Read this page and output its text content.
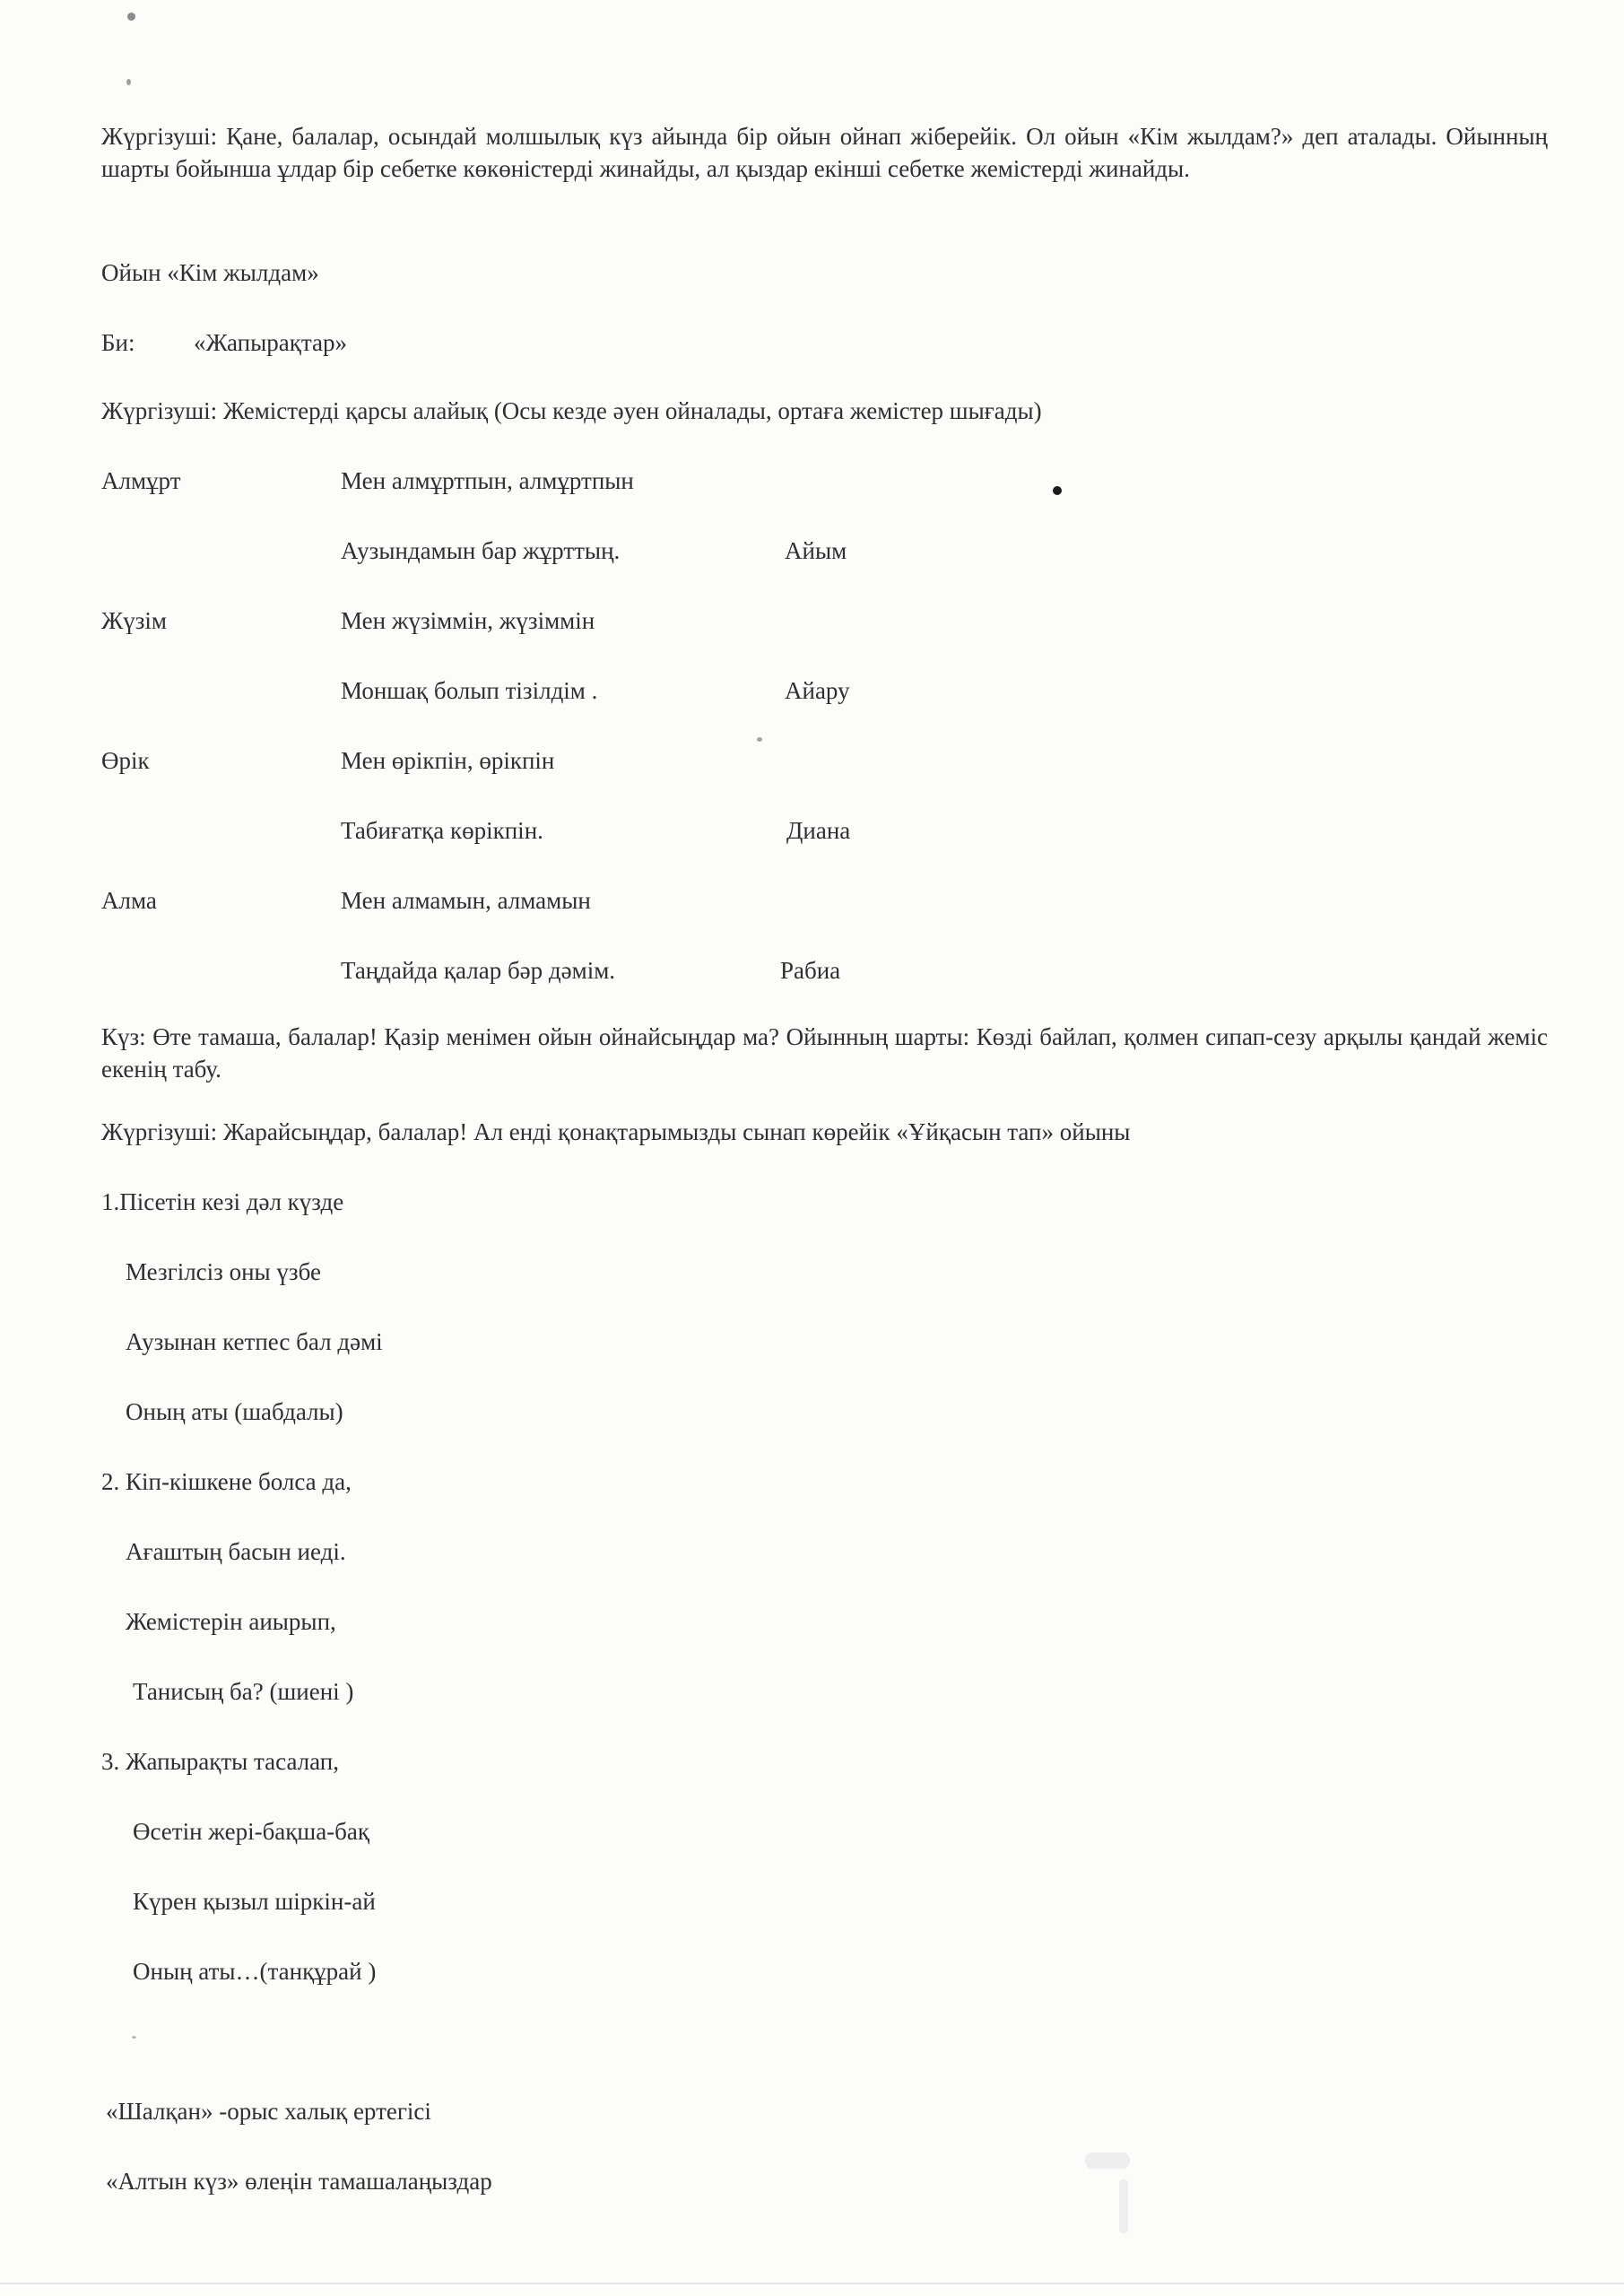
Жүргізуші: Қане, балалар, осындай молшылық күз айында бір ойын ойнап жіберейік. Ол ойын «Кім жылдам?» деп аталады. Ойынның шарты бойынша ұлдар бір себетке көкөністерді жинайды, ал қыздар екінші себетке жемістерді жинайды.

Ойын «Кім жылдам»

Би: «Жапырақтар»

Жүргізуші: Жемістерді қарсы алайық (Осы кезде әуен ойналады, ортаға жемістер шығады)

Алмұрт	Мен алмұртпын, алмұртпын

Аузындамын бар жұрттың.	Айым

Жүзім	Мен жүзіммін, жүзіммін

Моншақ болып тізілдім .	Айару

Өрік	Мен өрікпін, өрікпін

Табиғатқа көрікпін.	Диана

Алма	Мен алмамын, алмамын

Таңдайда қалар бәр дәмім.	Рабиа

Күз: Өте тамаша, балалар! Қазір менімен ойын ойнайсыңдар ма? Ойынның шарты: Көзді байлап, қолмен сипап-сезу арқылы қандай жеміс екенің табу.

Жүргізуші: Жарайсыңдар, балалар! Ал енді қонақтарымызды сынап көрейік «Ұйқасын тап» ойыны

1.Пісетін кезі дәл күзде

Мезгілсіз оны үзбе

Аузынан кетпес бал дәмі

Оның аты (шабдалы)

2. Кіп-кішкене болса да,

Ағаштың басын иеді.

Жемістерін аиырып,

Танисың ба? (шиені )

3. Жапырақты тасалап,

Өсетін жері-бақша-бақ

Күрен қызыл шіркін-ай

Оның аты…(танқұрай )

«Шалқан» -орыс халық ертегісі

«Алтын күз» өлеңін тамашалаңыздар
